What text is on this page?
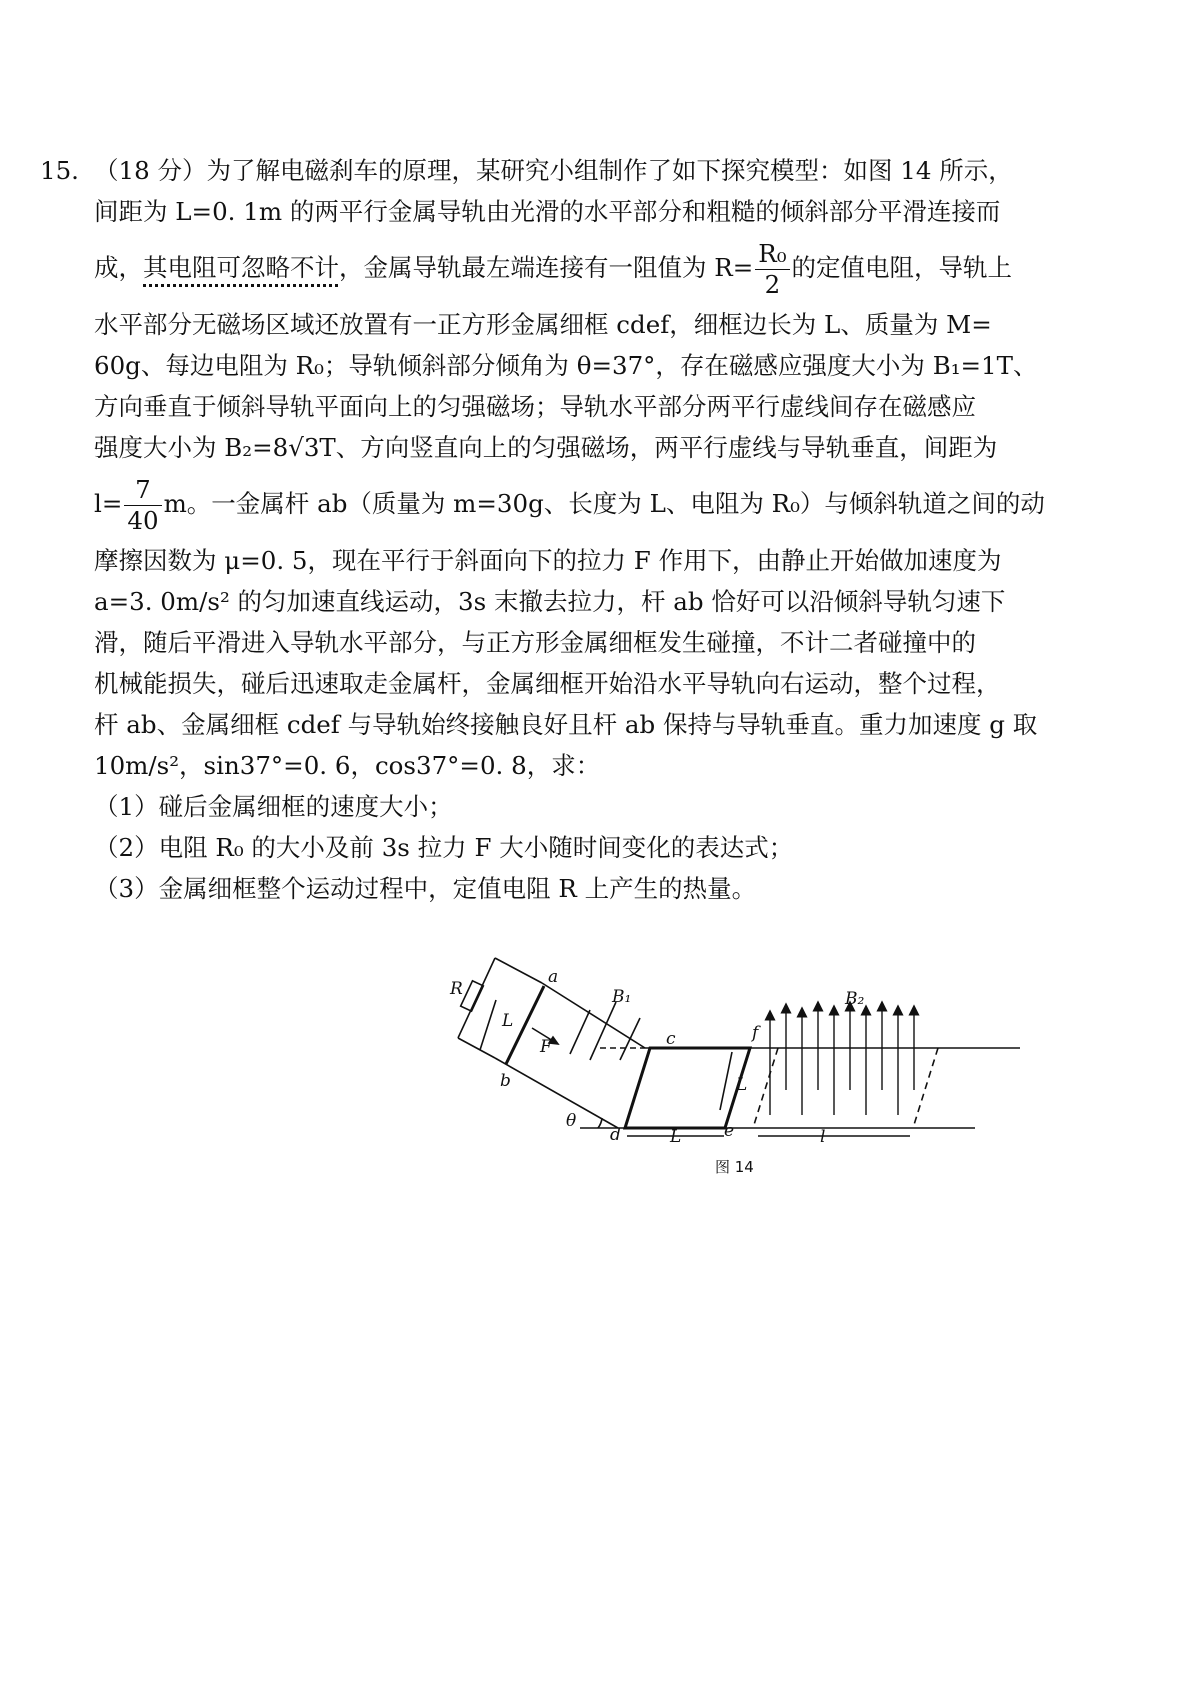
15. （18 分）为了解电磁刹车的原理，某研究小组制作了如下探究模型：如图 14 所示，
间距为 L=0. 1m 的两平行金属导轨由光滑的水平部分和粗糙的倾斜部分平滑连接而
成，其电阻可忽略不计，金属导轨最左端连接有一阻值为 $R= \frac{\text{R₀}}{2}$ 的定值电阻，导轨上
水平部分无磁场区域还放置有一正方形金属细框 cdef，细框边长为 L、质量为 M=
60g、每边电阻为 R₀；导轨倾斜部分倾角为 θ=37°，存在磁感应强度大小为 B₁=1T、
方向垂直于倾斜导轨平面向上的匀强磁场；导轨水平部分两平行虚线间存在磁感应
强度大小为 B₂=8√3T、方向竖直向上的匀强磁场，两平行虚线与导轨垂直，间距为
$l= \frac{7}{40}$ m。一金属杆 ab（质量为 m=30g、长度为 L、电阻为 R₀）与倾斜轨道之间的动
摩擦因数为 μ=0. 5，现在平行于斜面向下的拉力 F 作用下，由静止开始做加速度为
a=3. 0m/s² 的匀加速直线运动，3s 末撤去拉力，杆 ab 恰好可以沿倾斜导轨匀速下
滑，随后平滑进入导轨水平部分，与正方形金属细框发生碰撞，不计二者碰撞中的
机械能损失，碰后迅速取走金属杆，金属细框开始沿水平导轨向右运动，整个过程，
杆 ab、金属细框 cdef 与导轨始终接触良好且杆 ab 保持与导轨垂直。重力加速度 g 取
10m/s²，sin37°=0. 6，cos37°=0. 8，求：
（1）碰后金属细框的速度大小；
（2）电阻 R₀ 的大小及前 3s 拉力 F 大小随时间变化的表达式；
（3）金属细框整个运动过程中，定值电阻 R 上产生的热量。
R
a
b
L
F
B₁	B₂
c
d	e
f
L
L	l
θ
图 14
